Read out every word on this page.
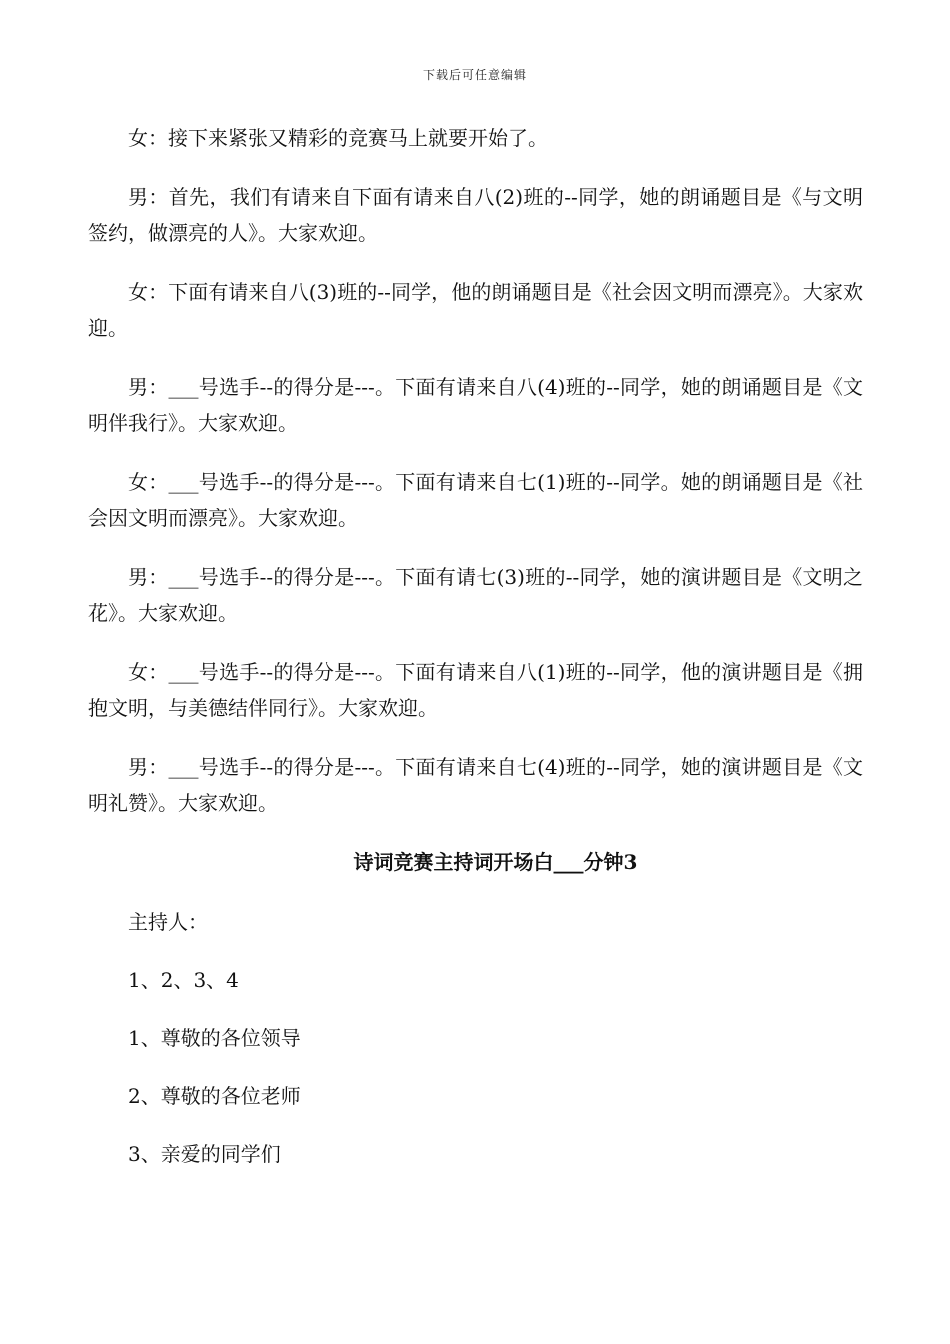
下载后可任意编辑

女：接下来紧张又精彩的竞赛马上就要开始了。

男：首先，我们有请来自下面有请来自八(2)班的--同学，她的朗诵题目是《与文明签约，做漂亮的人》。大家欢迎。

女：下面有请来自八(3)班的--同学，他的朗诵题目是《社会因文明而漂亮》。大家欢迎。

男：___号选手--的得分是---。下面有请来自八(4)班的--同学，她的朗诵题目是《文明伴我行》。大家欢迎。

女：___号选手--的得分是---。下面有请来自七(1)班的--同学。她的朗诵题目是《社会因文明而漂亮》。大家欢迎。

男：___号选手--的得分是---。下面有请七(3)班的--同学，她的演讲题目是《文明之花》。大家欢迎。

女：___号选手--的得分是---。下面有请来自八(1)班的--同学，他的演讲题目是《拥抱文明，与美德结伴同行》。大家欢迎。

男：___号选手--的得分是---。下面有请来自七(4)班的--同学，她的演讲题目是《文明礼赞》。大家欢迎。

诗词竞赛主持词开场白___分钟3

主持人：

1、2、3、4

1、尊敬的各位领导

2、尊敬的各位老师

3、亲爱的同学们
